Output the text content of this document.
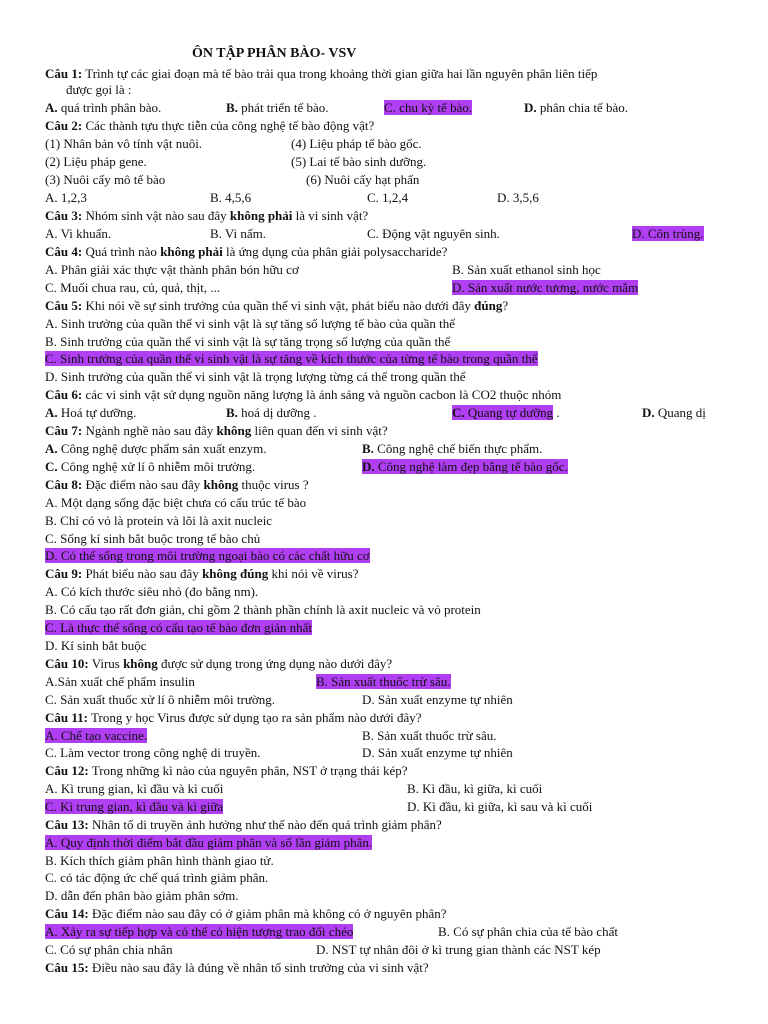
ÔN TẬP PHÂN BÀO- VSV
Câu 1: Trình tự các giai đoạn mà tế bào trải qua trong khoảng thời gian giữa hai lần nguyên phân liên tiếp
được gọi là :
A. quá trình phân bào.	B. phát triển tế bào.	C. chu kỳ tế bào.	D. phân chia tế bào.
Câu 2: Các thành tựu thực tiễn của công nghệ tế bào động vật?
(1) Nhân bản vô tính vật nuôi.
(2) Liệu pháp gene.
(3) Nuôi cấy mô tế bào
(4) Liệu pháp tế bào gốc.
(5) Lai tế bào sinh dưỡng.
(6) Nuôi cấy hạt phấn
A. 1,2,3	B. 4,5,6	C. 1,2,4	D. 3,5,6
Câu 3: Nhóm sinh vật nào sau đây không phải là vi sinh vật?
A. Vi khuẩn.	B. Vi nấm.	C. Động vật nguyên sinh.	D. Côn trùng.
Câu 4: Quá trình nào không phải là ứng dụng của phân giải polysaccharide?
A. Phân giải xác thực vật thành phân bón hữu cơ	B. Sản xuất ethanol sinh học
C. Muối chua rau, củ, quả, thịt, ...	D. Sản xuất nước tương, nước mắm
Câu 5: Khi nói về sự sinh trưởng của quần thể vi sinh vật, phát biểu nào dưới đây đúng?
A. Sinh trưởng của quần thể vi sinh vật là sự tăng số lượng tế bào của quần thể
B. Sinh trưởng của quần thể vi sinh vật là sự tăng trọng số lượng của quần thể
C. Sinh trưởng của quần thể vi sinh vật là sự tăng về kích thước của từng tế bào trong quần thể
D. Sinh trưởng của quần thể vi sinh vật là trọng lượng từng cá thể trong quần thể
Câu 6: các vi sinh vật sử dụng nguồn năng lượng là ánh sáng và nguồn cacbon là CO2 thuộc nhóm
A. Hoá tự dưỡng.	B. hoá dị dưỡng .	C. Quang tự dưỡng .	D. Quang dị
Câu 7: Ngành nghề nào sau đây không liên quan đến vi sinh vật?
A. Công nghệ dược phẩm sản xuất enzym.	B. Công nghệ chế biến thực phẩm.
C. Công nghệ xử lí ô nhiễm môi trường.	D. Công nghệ làm đẹp bằng tế bào gốc.
Câu 8: Đặc điểm nào sau đây không thuộc virus ?
A. Một dạng sống đặc biệt chưa có cấu trúc tế bào
B. Chỉ có vỏ là protein và lõi là axit nucleic
C. Sống kí sinh bắt buộc trong tế bào chủ
D. Có thể sống trong môi trường ngoại bào có các chất hữu cơ
Câu 9: Phát biểu nào sau đây không đúng khi nói về virus?
A. Có kích thước siêu nhỏ (đo bằng nm).
B. Có cấu tạo rất đơn giản, chỉ gồm 2 thành phần chính là axit nucleic và vỏ protein
C. Là thực thể sống có cấu tạo tế bào đơn giản nhất
D. Kí sinh bắt buộc
Câu 10: Virus không được sử dụng trong ứng dụng nào dưới đây?
A.Sản xuất chế phẩm insulin	B. Sản xuất thuốc trừ sâu.
C. Sản xuất thuốc xử lí ô nhiễm môi trường.	D. Sản xuất enzyme tự nhiên
Câu 11: Trong y học Virus được sử dụng tạo ra sản phẩm nào dưới đây?
A. Chế tạo vaccine.	B. Sản xuất thuốc trừ sâu.
C. Làm vector trong công nghệ di truyền.	D. Sản xuất enzyme tự nhiên
Câu 12: Trong những kì nào của nguyên phân, NST ở trạng thái kép?
A. Kì trung gian, kì đầu và kì cuối	B. Kì đầu, kì giữa, kì cuối
C. Kì trung gian, kì đầu và kì giữa	D. Kì đầu, kì giữa, kì sau và kì cuối
Câu 13: Nhân tố di truyền ảnh hưởng như thế nào đến quá trình giảm phân?
A. Quy định thời điểm bắt đầu giảm phân và số lần giảm phân.
B. Kích thích giảm phân hình thành giao tử.
C. có tác động ức chế quá trình giảm phân.
D. dẫn đến phân bào giảm phân sớm.
Câu 14: Đặc điểm nào sau đây có ở giảm phân mà không có ở nguyên phân?
A. Xảy ra sự tiếp hợp và có thể có hiện tượng trao đổi chéo	B. Có sự phân chia của tế bào chất
C. Có sự phân chia nhân	D. NST tự nhân đôi ở kì trung gian thành các NST kép
Câu 15: Điều nào sau đây là đúng về nhân tố sinh trưởng của vi sinh vật?
